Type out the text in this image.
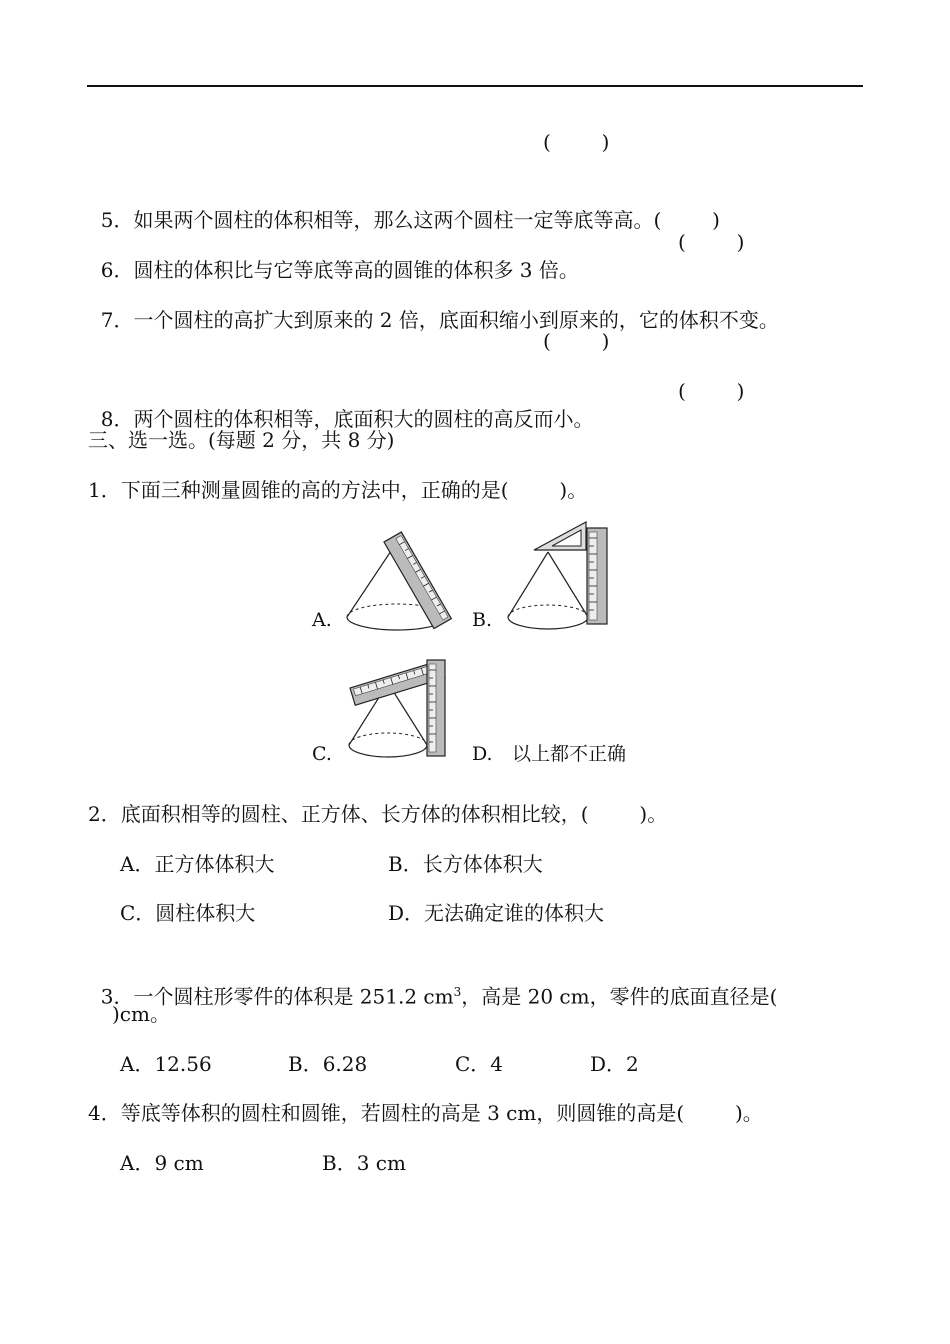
(        )

5．如果两个圆柱的体积相等，那么这两个圆柱一定等底等高。(        )

6．圆柱的体积比与它等底等高的圆锥的体积多 3 倍。

(        )

7．一个圆柱的高扩大到原来的 2 倍，底面积缩小到原来的，它的体积不变。

(        )

8．两个圆柱的体积相等，底面积大的圆柱的高反而小。

(        )
三、选一选。(每题 2 分，共 8 分)
1．下面三种测量圆锥的高的方法中，正确的是(        )。
A.	B.
C.	D. 以上都不正确
2．底面积相等的圆柱、正方体、长方体的体积相比较，(        )。
A．正方体体积大	B．长方体体积大
C．圆柱体积大	D．无法确定谁的体积大

3．一个圆柱形零件的体积是 251.2 $cm^3$，高是 20 cm，零件的底面直径是(

)cm。
A．12.56	B．6.28	C．4	D．2
4．等底等体积的圆柱和圆锥，若圆柱的高是 3 cm，则圆锥的高是(        )。
A．9 cm	B．3 cm
